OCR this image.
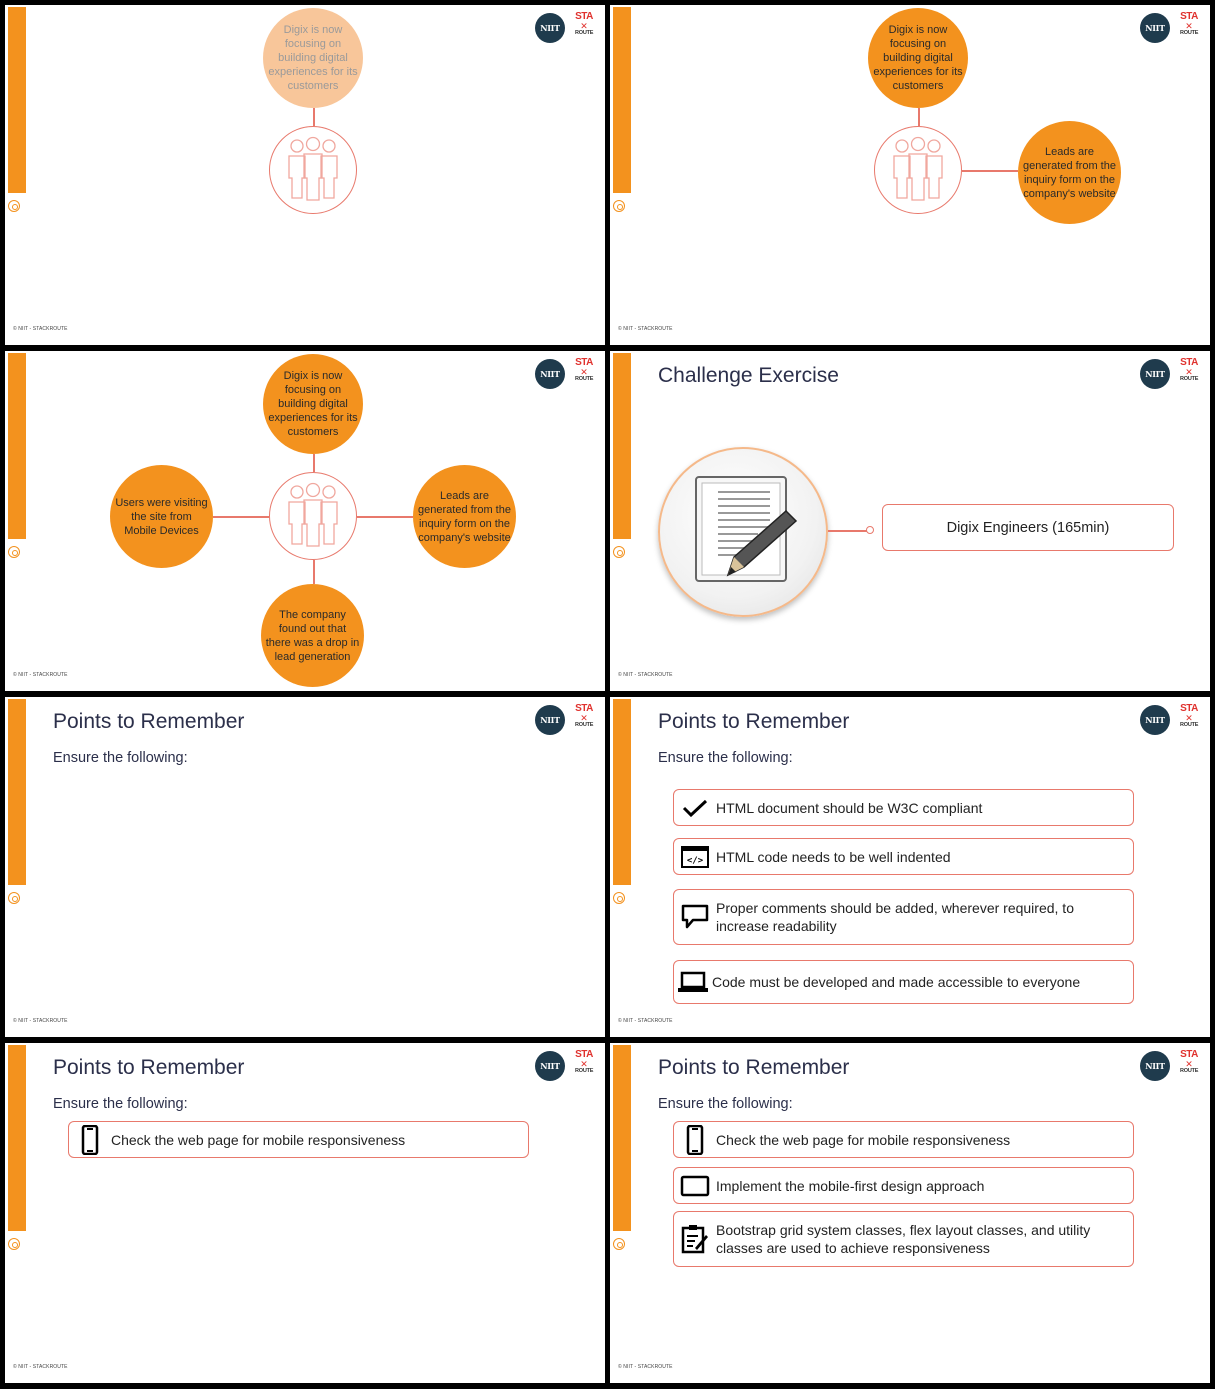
NIIT
STA
✕
ROUTE
Digix is now focusing on building digital experiences for its customers
© NIIT - STACKROUTE
NIIT
STA
✕
ROUTE
Digix is now focusing on building digital experiences for its customers
Leads are generated from the inquiry form on the company's website
© NIIT - STACKROUTE
NIIT
STA
✕
ROUTE
Digix is now focusing on building digital experiences for its customers
Users were visiting the site from Mobile Devices
Leads are generated from the inquiry form on the company's website
The company found out that there was a drop in lead generation
© NIIT - STACKROUTE
NIIT
STA
✕
ROUTE
Challenge Exercise
Digix Engineers (165min)
© NIIT - STACKROUTE
NIIT
STA
✕
ROUTE
Points to Remember
Ensure the following:
© NIIT - STACKROUTE
NIIT
STA
✕
ROUTE
Points to Remember
Ensure the following:
HTML document should be W3C compliant
</> HTML code needs to be well indented
Proper comments should be added, wherever required, to increase readability
Code must be developed and made accessible to everyone
© NIIT - STACKROUTE
NIIT
STA
✕
ROUTE
Points to Remember
Ensure the following:
Check the web page for mobile responsiveness
© NIIT - STACKROUTE
NIIT
STA
✕
ROUTE
Points to Remember
Ensure the following:
Check the web page for mobile responsiveness
Implement the mobile-first design approach
Bootstrap grid system classes, flex layout classes, and utility classes are used to achieve responsiveness
© NIIT - STACKROUTE
